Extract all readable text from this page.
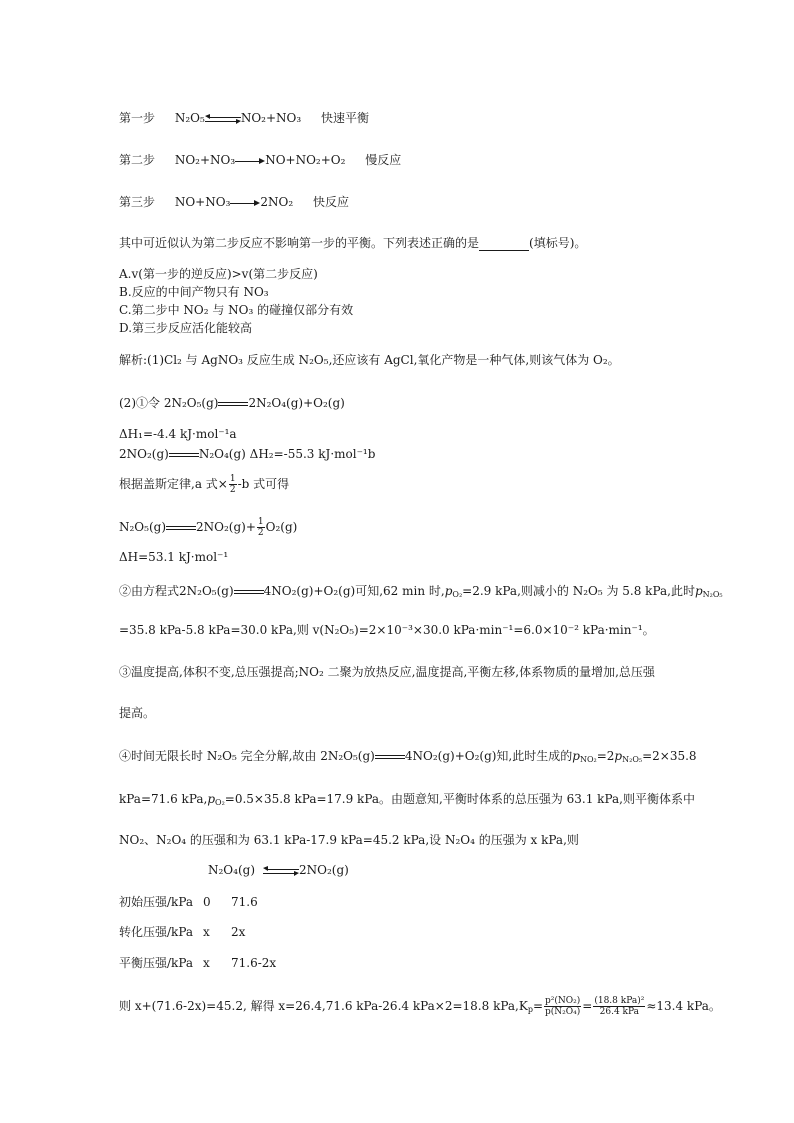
第一步 N₂O₅	NO₂+NO₃ 快速平衡
第二步 NO₂+NO₃	NO+NO₂+O₂ 慢反应
第三步 NO+NO₃	2NO₂ 快反应
其中可近似认为第二步反应不影响第一步的平衡。下列表述正确的是	(填标号)。
A.v(第一步的逆反应)>v(第二步反应)
B.反应的中间产物只有 NO₃
C.第二步中 NO₂ 与 NO₃ 的碰撞仅部分有效
D.第三步反应活化能较高
解析:(1)Cl₂ 与 AgNO₃ 反应生成 N₂O₅,还应该有 AgCl,氧化产物是一种气体,则该气体为 O₂。
(2)①令 2N₂O₅(g)	2N₂O₄(g)+O₂(g)
ΔH₁=-4.4 kJ·mol⁻¹a
2NO₂(g)	N₂O₄(g) ΔH₂=-55.3 kJ·mol⁻¹b
根据盖斯定律,a 式× $\frac{1}{2} -b$ 式可得
N₂O₅(g)	$2NO_2(g)+ \frac{1}{2} O_2(g)$
ΔH=53.1 kJ·mol⁻¹
②由方程式2N₂O₅(g)	4NO₂(g)+O₂(g)可知,62 min 时$,p_{O_2}=2.9$ kPa,则减小的 N₂O₅ 为 5.8 kPa,此时$p_{N_2O_5}$
=35.8 kPa-5.8 kPa=30.0 kPa,则 v(N₂O₅)=2×10⁻³×30.0 kPa·min⁻¹=6.0×10⁻² kPa·min⁻¹。
③温度提高,体积不变,总压强提高;NO₂ 二聚为放热反应,温度提高,平衡左移,体系物质的量增加,总压强
提高。
④时间无限长时 N₂O₅ 完全分解,故由 2N₂O₅(g)	4NO₂(g)+O₂(g)知,此时生成的$p_{NO_2}=2p_{N_2O_5}=2\times 35.8$
kPa=71.6 $kPa,p_{O_2}=0.5\times 35.8$ kPa=17.9 kPa。由题意知,平衡时体系的总压强为 63.1 kPa,则平衡体系中
NO₂、N₂O₄ 的压强和为 63.1 kPa-17.9 kPa=45.2 kPa,设 N₂O₄ 的压强为 x kPa,则
N₂O₄(g)	2NO₂(g)
初始压强/kPa 0 71.6
转化压强/kPa x 2x
平衡压强/kPa x 71.6-2x
则 x+(71.6-2x)=45.2, 解得 x=26.4,71.6 kPa-26.4 kPa×2=18.8 $kPa,K_p= \frac{\text{p²(NO₂)}}{\text{p(N₂O₄)}} = \frac{\text{(18.8 kPa)²}}{\text{26.4 kPa}} \approx 13.4$ kPa。
